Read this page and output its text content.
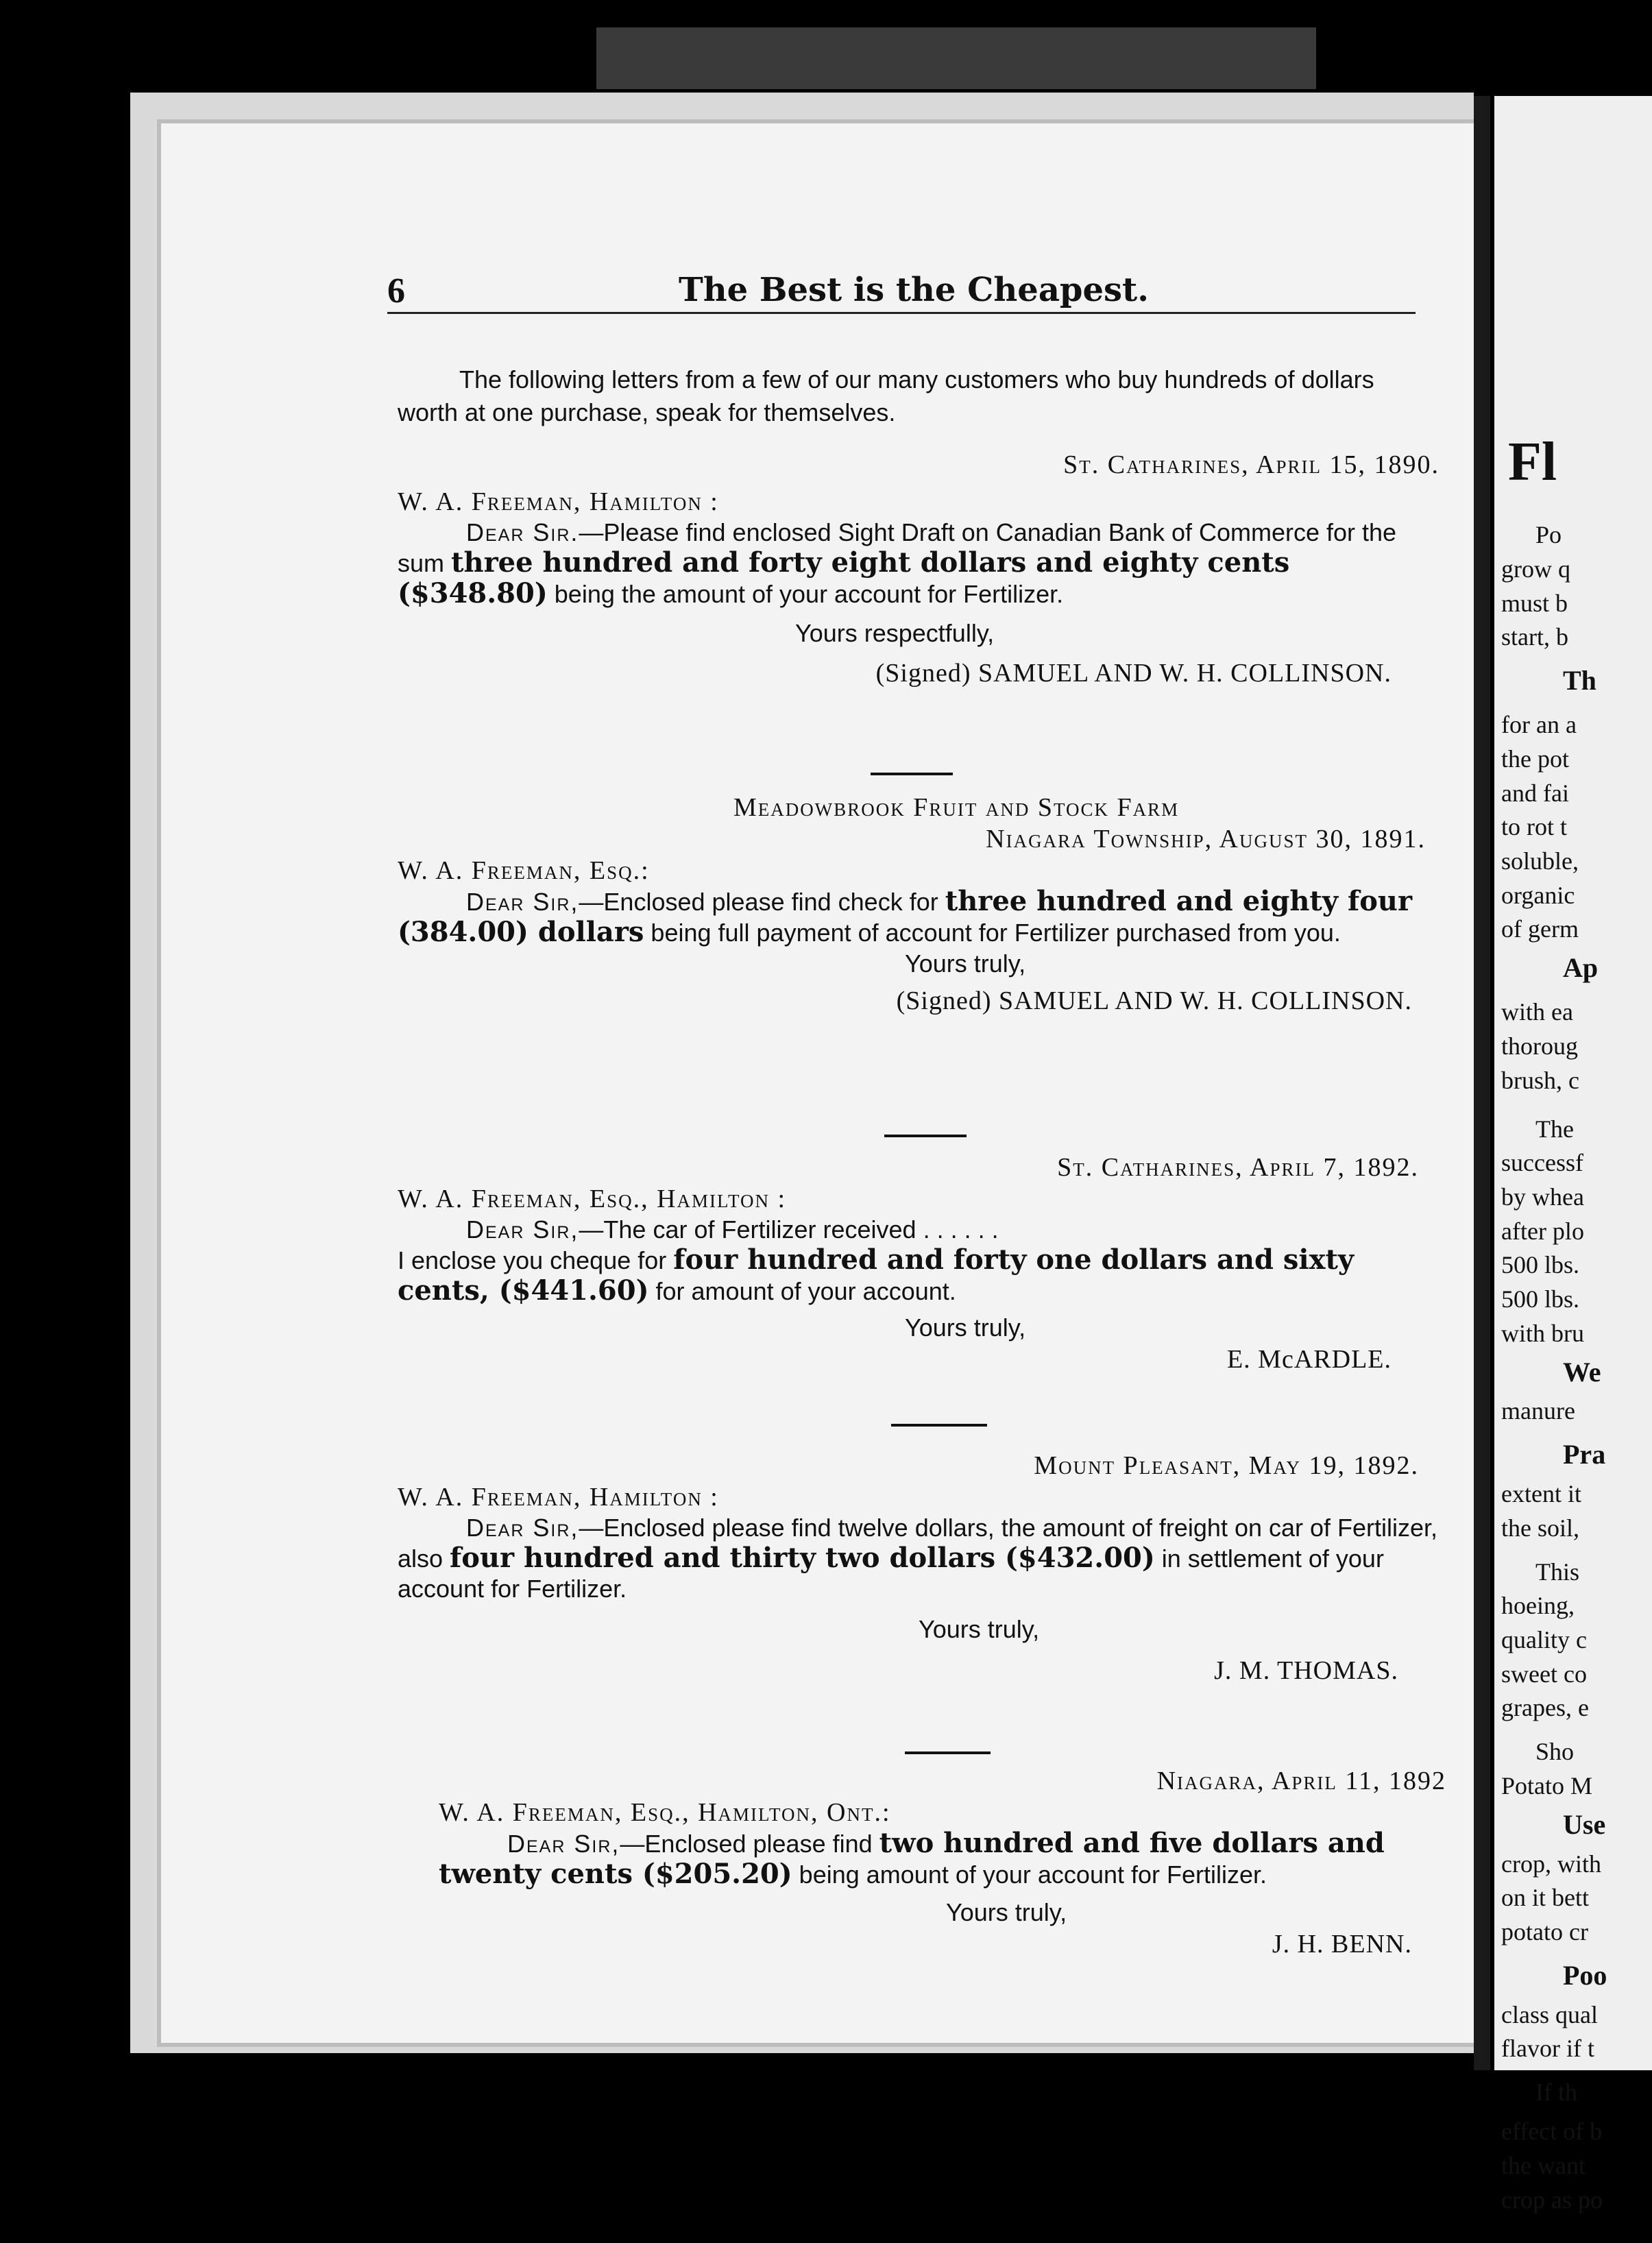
Fl
Po
grow q
must b
start, b
Th
for an a
the pot
and fai
to rot t
soluble,
organic
of germ
Ap
with ea
thoroug
brush, c
The
successf
by whea
after plo
500 lbs.
500 lbs.
with bru
We
manure
Pra
extent it
the soil,
This
hoeing,
quality c
sweet co
grapes, e
Sho
Potato M
Use
crop, with
on it bett
potato cr
Poo
class qual
flavor if t
If th
effect of b
the want
crop as po
6	The Best is the Cheapest.
The following letters from a few of our many customers who buy hundreds of dollars worth at one purchase, speak for themselves.
St. Catharines, April 15, 1890.
W. A. Freeman, Hamilton :
Dear Sir.—Please find enclosed Sight Draft on Canadian Bank of Commerce for the sum three hundred and forty eight dollars and eighty cents ($348.80) being the amount of your account for Fertilizer.
Yours respectfully,
(Signed) SAMUEL AND W. H. COLLINSON.
Meadowbrook Fruit and Stock Farm
Niagara Township, August 30, 1891.
W. A. Freeman, Esq.:
Dear Sir,—Enclosed please find check for three hundred and eighty four (384.00) dollars being full payment of account for Fertilizer purchased from you.
Yours truly,
(Signed) SAMUEL AND W. H. COLLINSON.
St. Catharines, April 7, 1892.
W. A. Freeman, Esq., Hamilton :
Dear Sir,—The car of Fertilizer received . . . . . .
I enclose you cheque for four hundred and forty one dollars and sixty cents, ($441.60) for amount of your account.
Yours truly,
E. McARDLE.
Mount Pleasant, May 19, 1892.
W. A. Freeman, Hamilton :
Dear Sir,—Enclosed please find twelve dollars, the amount of freight on car of Fertilizer, also four hundred and thirty two dollars ($432.00) in settlement of your account for Fertilizer.
Yours truly,
J. M. THOMAS.
Niagara, April 11, 1892
W. A. Freeman, Esq., Hamilton, Ont.:
Dear Sir,—Enclosed please find two hundred and five dollars and twenty cents ($205.20) being amount of your account for Fertilizer.
Yours truly,
J. H. BENN.
